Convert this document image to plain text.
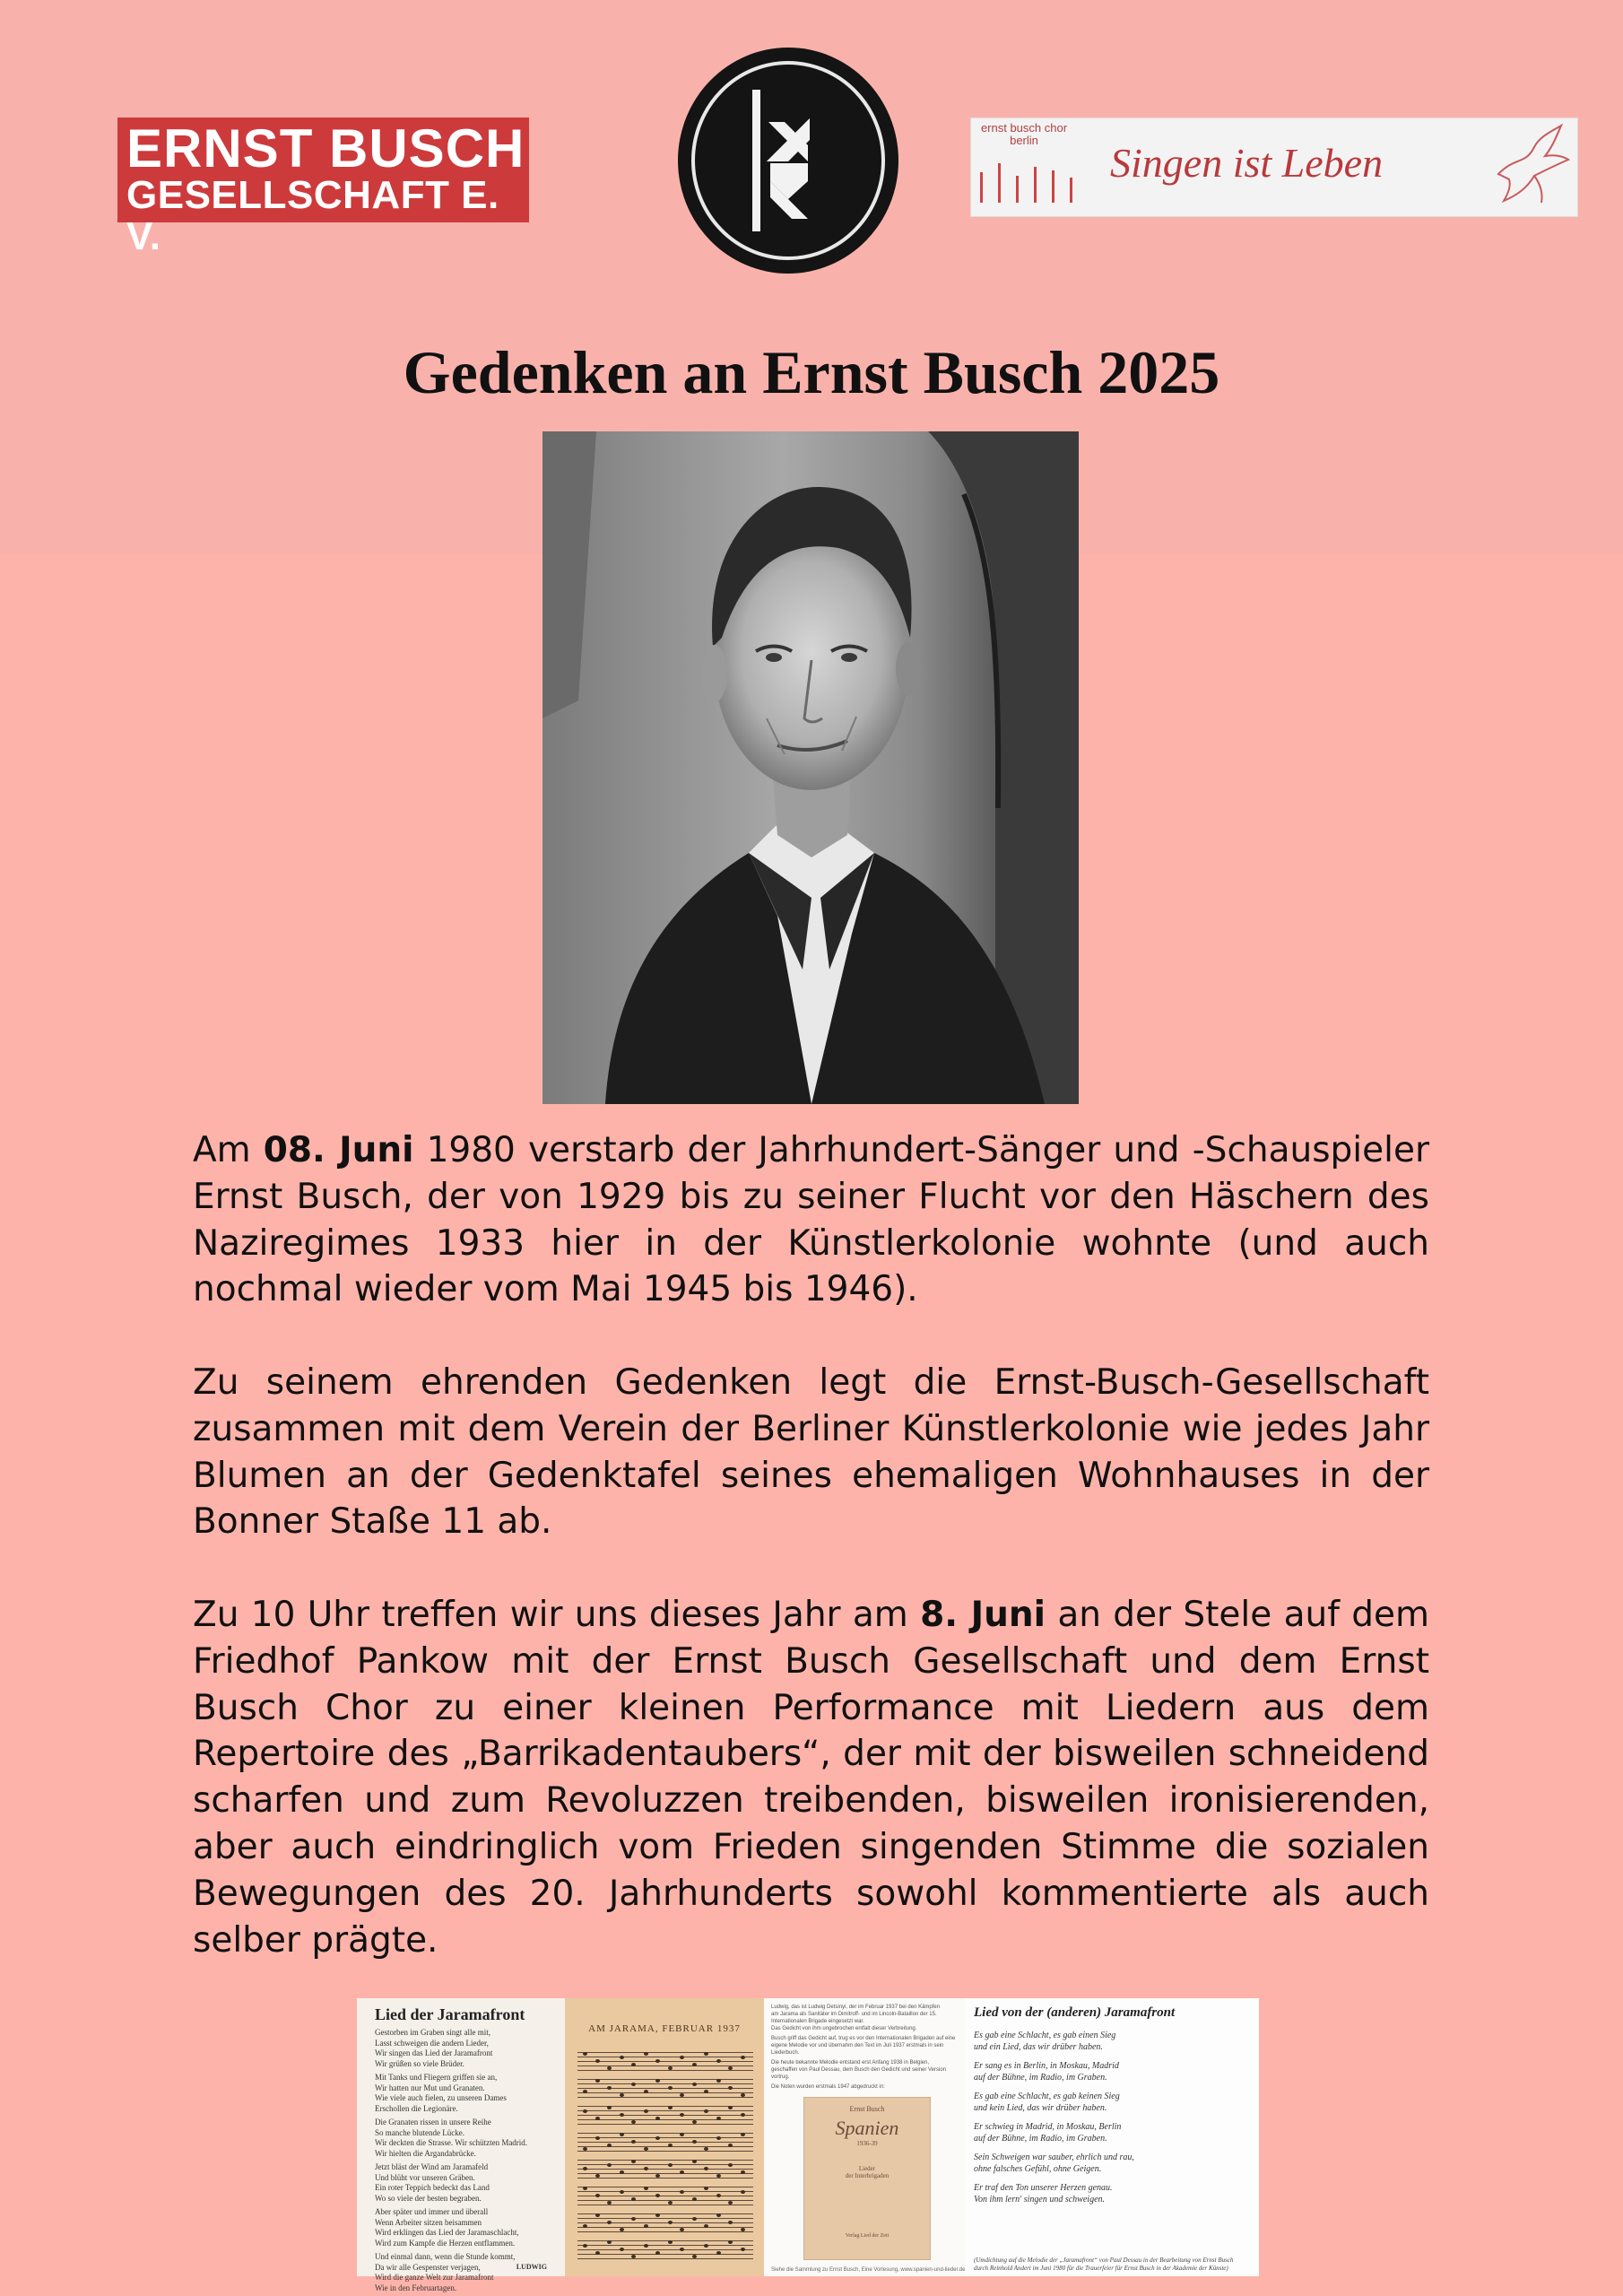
ERNST BUSCH
GESELLSCHAFT E. V.
ernst busch chor
berlin	Singen ist Leben
Gedenken an Ernst Busch 2025

Am 08. Juni 1980 verstarb der Jahrhundert-Sänger und -Schauspieler Ernst Busch, der von 1929 bis zu seiner Flucht vor den Häschern des Naziregimes 1933 hier in der Künstlerkolonie wohnte (und auch nochmal wieder vom Mai 1945 bis 1946).

Zu seinem ehrenden Gedenken legt die Ernst-Busch-Gesellschaft zusammen mit dem Verein der Berliner Künstlerkolonie wie jedes Jahr Blumen an der Gedenktafel seines ehemaligen Wohnhauses in der Bonner Staße 11 ab.

Zu 10 Uhr treffen wir uns dieses Jahr am 8. Juni an der Stele auf dem Friedhof Pankow mit der Ernst Busch Gesellschaft und dem Ernst Busch Chor zu einer kleinen Performance mit Liedern aus dem Repertoire des „Barrikadentaubers“, der mit der bisweilen schneidend scharfen und zum Revoluzzen treibenden, bisweilen ironisierenden, aber auch eindringlich vom Frieden singenden Stimme die sozialen Bewegungen des 20. Jahrhunderts sowohl kommentierte als auch selber prägte.

Lied der Jaramafront
Gestorben im Graben singt alle mit,
Lasst schweigen die andern Lieder,
Wir singen das Lied der Jaramafront
Wir grüßen so viele Brüder.
Mit Tanks und Fliegern griffen sie an,
Wir hatten nur Mut und Granaten.
Wie viele auch fielen, zu unseren Dames
Erschollen die Legionäre.
Die Granaten rissen in unsere Reihe
So manche blutende Lücke.
Wir deckten die Strasse. Wir schützten Madrid.
Wir hielten die Argandabrücke.
Jetzt bläst der Wind am Jaramafeld
Und blüht vor unseren Gräben.
Ein roter Teppich bedeckt das Land
Wo so viele der besten begraben.
Aber später und immer und überall
Wenn Arbeiter sitzen beisammen
Wird erklingen das Lied der Jaramaschlacht,
Wird zum Kampfe die Herzen entflammen.
Und einmal dann, wenn die Stunde kommt,
Da wir alle Gespenster verjagen,
Wird die ganze Welt zur Jaramafront
Wie in den Februartagen.
LUDWIG
AM JARAMA, FEBRUAR 1937
Ludwig, das ist Ludwig Detsinyi, der im Februar 1937 bei den Kämpfen
am Jarama als Sanitäter im Dimitroff- und im Lincoln-Bataillon der 15.
Internationalen Brigade eingesetzt war.
Das Gedicht von ihm ungebrochen entfalt dieser Verbreitung.
Busch griff das Gedicht auf, trug es vor den Internationalen Brigaden auf eine
eigene Melodie vor und übernahm den Text im Juli 1937 erstmals in sein
Liederbuch.
Die heute bekannte Melodie entstand erst Anfang 1938 in Belgien,
geschaffen von Paul Dessau, dem Busch den Gedicht und seiner Version
vortrug.
Die Noten wurden erstmals 1947 abgedruckt in:
Ernst Busch
Spanien
1936-39
Lieder
der Interbrigaden
Verlag Lied der Zeit
Siehe die Sammlung zu Ernst Busch, Eine Vorlesung, www.spanien-und-lieder.de
Lied von der (anderen) Jaramafront
Es gab eine Schlacht, es gab einen Sieg
und ein Lied, das wir drüber haben.
Er sang es in Berlin, in Moskau, Madrid
auf der Bühne, im Radio, im Graben.
Es gab eine Schlacht, es gab keinen Sieg
und kein Lied, das wir drüber haben.
Er schwieg in Madrid, in Moskau, Berlin
auf der Bühne, im Radio, im Graben.
Sein Schweigen war sauber, ehrlich und rau,
ohne falsches Gefühl, ohne Geigen.
Er traf den Ton unserer Herzen genau.
Von ihm lern' singen und schweigen.
(Umdichtung auf die Melodie der „Jaramafront“ von Paul Dessau in der Bearbeitung von Ernst Busch
durch Reinhold Andert im Juni 1980 für die Trauerfeier für Ernst Busch in der Akademie der Künste)
